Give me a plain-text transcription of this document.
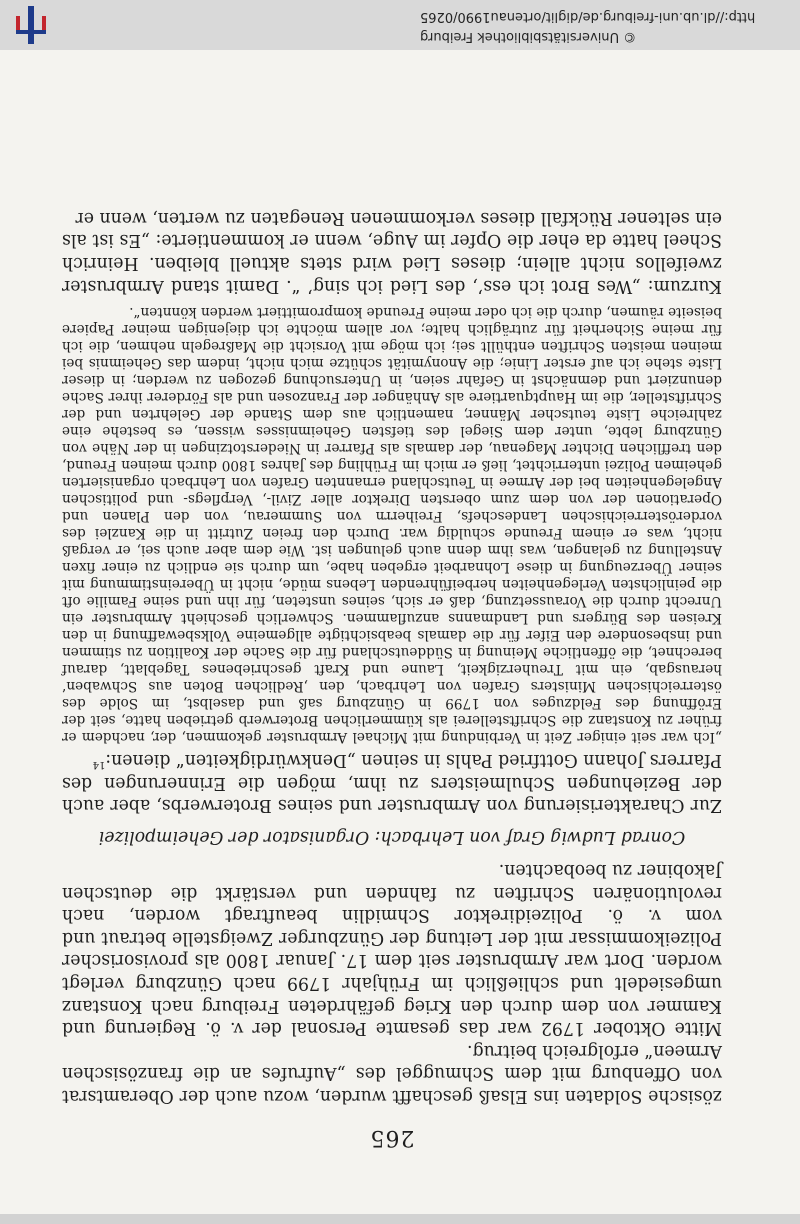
© Universitätsbibliothek Freiburg
http://dl.ub.uni-freiburg.de/diglit/ortenau1990/0265
265

zösische Soldaten ins Elsaß geschafft wurden, wozu auch der Oberamtsrat von Offenburg mit dem Schmuggel des „Aufrufes an die französischen Armeen“ erfolgreich beitrug.

Mitte Oktober 1792 war das gesamte Personal der v. ö. Regierung und Kammer von dem durch den Krieg gefährdeten Freiburg nach Konstanz umgesiedelt und schließlich im Frühjahr 1799 nach Günzburg verlegt worden. Dort war Armbruster seit dem 17. Januar 1800 als provisorischer Polizeikommissar mit der Leitung der Günzburger Zweigstelle betraut und vom v. ö. Polizeidirektor Schmidlin beauftragt worden, nach revolutionären Schriften zu fahnden und verstärkt die deutschen Jakobiner zu beobachten.

Conrad Ludwig Graf von Lehrbach: Organisator der Geheimpolizei

Zur Charakterisierung von Armbruster und seines Broterwerbs, aber auch der Beziehungen Schulmeisters zu ihm, mögen die Erinnerungen des Pfarrers Johann Gottfried Pahls in seinen „Denkwürdigkeiten“ dienen:$^{14}$

„Ich war seit einiger Zeit in Verbindung mit Michael Armbruster gekommen, der, nachdem er früher zu Konstanz die Schriftstellerei als kümmerlichen Broterwerb getrieben hatte, seit der Eröffnung des Feldzuges von 1799 in Günzburg saß und daselbst, im Solde des österreichischen Ministers Grafen von Lehrbach, den ‚Redlichen Boten aus Schwaben‘ herausgab, ein mit Treuherzigkeit, Laune und Kraft geschriebenes Tageblatt, darauf berechnet, die öffentliche Meinung in Süddeutschland für die Sache der Koalition zu stimmen und insbesondere den Eifer für die damals beabsichtigte allgemeine Volksbewaffnung in den Kreisen des Bürgers und Landmanns anzuflammen. Schwerlich geschieht Armbruster ein Unrecht durch die Voraussetzung, daß er sich, seines unsteten, für ihn und seine Familie oft die peinlichsten Verlegenheiten herbeiführenden Lebens müde, nicht in Übereinstimmung mit seiner Überzeugung in diese Lohnarbeit ergeben habe, um durch sie endlich zu einer fixen Anstellung zu gelangen, was ihm denn auch gelungen ist. Wie dem aber auch sei, er vergaß nicht, was er einem Freunde schuldig war. Durch den freien Zutritt in die Kanzlei des vorderösterreichischen Landeschefs, Freiherrn von Summerau, von den Planen und Operationen der von dem zum obersten Direktor aller Zivil-, Verpflegs- und politischen Angelegenheiten bei der Armee in Teutschland ernannten Grafen von Lehrbach organisierten geheimen Polizei unterrichtet, ließ er mich im Frühling des Jahres 1800 durch meinen Freund, den trefflichen Dichter Magenau, der damals als Pfarrer in Niederstotzingen in der Nähe von Günzburg lebte, unter dem Siegel des tiefsten Geheimnisses wissen, es bestehe eine zahlreiche Liste teutscher Männer, namentlich aus dem Stande der Gelehrten und der Schriftsteller, die im Hauptquartiere als Anhänger der Franzosen und als Förderer ihrer Sache denunziert und demnächst in Gefahr seien, in Untersuchung gezogen zu werden; in dieser Liste stehe ich auf erster Linie; die Anonymität schütze mich nicht, indem das Geheimnis bei meinen meisten Schriften enthüllt sei; ich möge mit Vorsicht die Maßregeln nehmen, die ich für meine Sicherheit für zuträglich halte; vor allem möchte ich diejenigen meiner Papiere beiseite räumen, durch die ich oder meine Freunde kompromittiert werden könnten“.

Kurzum: „Wes Brot ich ess’, des Lied ich sing’ “. Damit stand Armbruster zweifellos nicht allein; dieses Lied wird stets aktuell bleiben. Heinrich Scheel hatte da eher die Opfer im Auge, wenn er kommentierte: „Es ist als ein seltener Rückfall dieses verkommenen Renegaten zu werten, wenn er
